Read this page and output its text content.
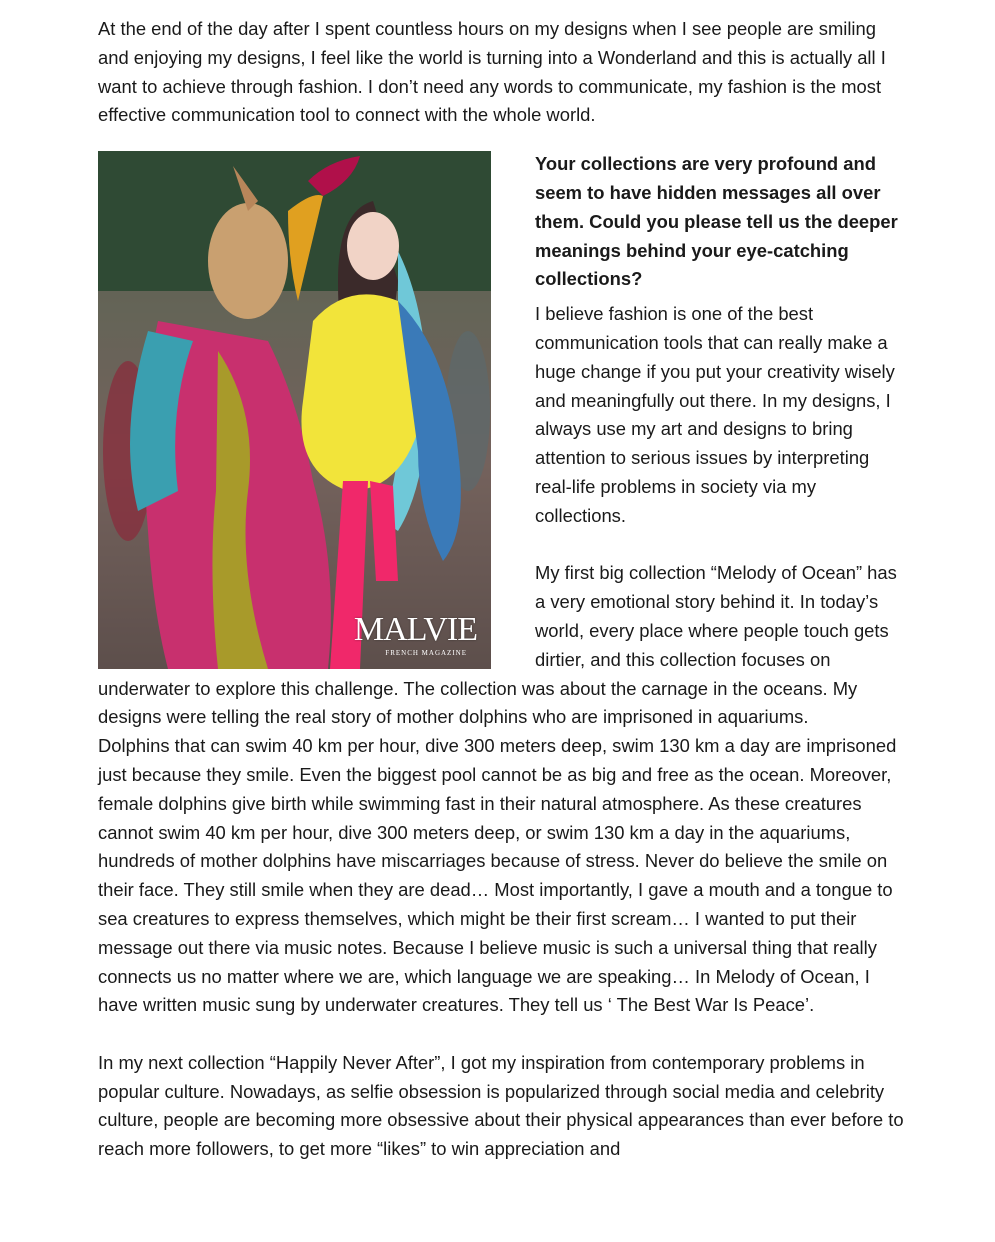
At the end of the day after I spent countless hours on my designs when I see people are smiling and enjoying my designs, I feel like the world is turning into a Wonderland and this is actually all I want to achieve through fashion. I don’t need any words to communicate, my fashion is the most effective communication tool to connect with the whole world.

MALVIE
FRENCH MAGAZINE

Your collections are very profound and seem to have hidden messages all over them. Could you please tell us the deeper meanings behind your eye-catching collections?

I believe fashion is one of the best communication tools that can really make a huge change if you put your creativity wisely and meaningfully out there. In my designs, I always use my art and designs to bring attention to serious issues by interpreting real-life problems in society via my collections.

My first big collection “Melody of Ocean” has a very emotional story behind it. In today’s world, every place where people touch gets dirtier, and this collection focuses on underwater to explore this challenge. The collection was about the carnage in the oceans. My designs were telling the real story of mother dolphins who are imprisoned in aquariums.

Dolphins that can swim 40 km per hour, dive 300 meters deep, swim 130 km a day are imprisoned just because they smile. Even the biggest pool cannot be as big and free as the ocean. Moreover, female dolphins give birth while swimming fast in their natural atmosphere. As these creatures cannot swim 40 km per hour, dive 300 meters deep, or swim 130 km a day in the aquariums, hundreds of mother dolphins have miscarriages because of stress. Never do believe the smile on their face. They still smile when they are dead… Most importantly, I gave a mouth and a tongue to sea creatures to express themselves, which might be their first scream… I wanted to put their message out there via music notes. Because I believe music is such a universal thing that really connects us no matter where we are, which language we are speaking… In Melody of Ocean, I have written music sung by underwater creatures. They tell us ‘ The Best War Is Peace’.

In my next collection “Happily Never After”, I got my inspiration from contemporary problems in popular culture. Nowadays, as selfie obsession is popularized through social media and celebrity culture, people are becoming more obsessive about their physical appearances than ever before to reach more followers, to get more “likes” to win appreciation and
